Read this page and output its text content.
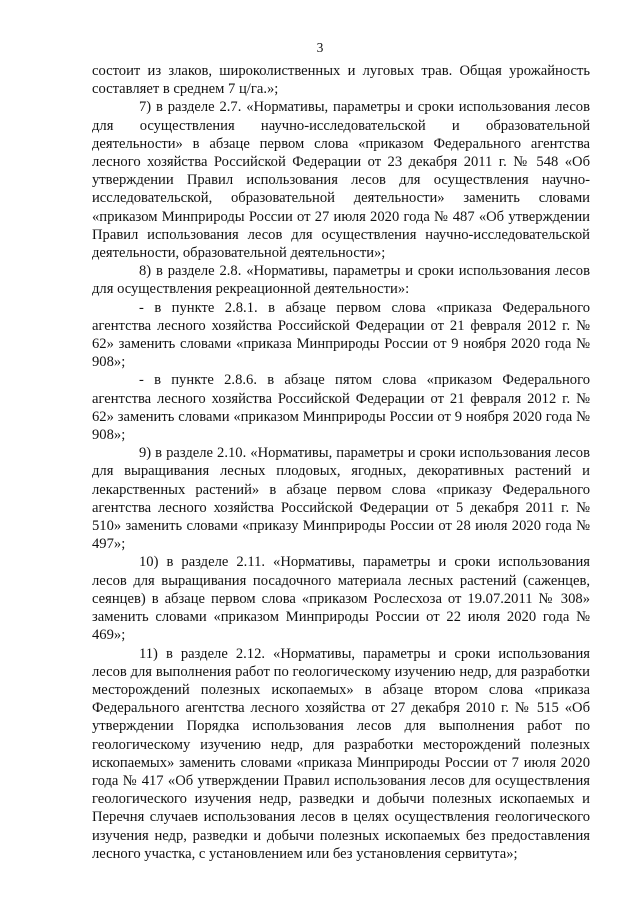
3

состоит из злаков, широколиственных и луговых трав. Общая урожайность составляет в среднем 7 ц/га.»;

7) в разделе 2.7. «Нормативы, параметры и сроки использования лесов для осуществления научно-исследовательской и образовательной деятельности» в абзаце первом слова «приказом Федерального агентства лесного хозяйства Российской Федерации от 23 декабря 2011 г. № 548 «Об утверждении Правил использования лесов для осуществления научно-исследовательской, образовательной деятельности» заменить словами «приказом Минприроды России от 27 июля 2020 года № 487 «Об утверждении Правил использования лесов для осуществления научно-исследовательской деятельности, образовательной деятельности»;

8) в разделе 2.8. «Нормативы, параметры и сроки использования лесов для осуществления рекреационной деятельности»:

- в пункте 2.8.1. в абзаце первом слова «приказа Федерального агентства лесного хозяйства Российской Федерации от 21 февраля 2012 г. № 62» заменить словами «приказа Минприроды России от 9 ноября 2020 года № 908»;

- в пункте 2.8.6. в абзаце пятом слова «приказом Федерального агентства лесного хозяйства Российской Федерации от 21 февраля 2012 г. № 62» заменить словами «приказом Минприроды России от 9 ноября 2020 года № 908»;

9) в разделе 2.10. «Нормативы, параметры и сроки использования лесов для выращивания лесных плодовых, ягодных, декоративных растений и лекарственных растений» в абзаце первом слова «приказу Федерального агентства лесного хозяйства Российской Федерации от 5 декабря 2011 г. № 510» заменить словами «приказу Минприроды России от 28 июля 2020 года № 497»;

10) в разделе 2.11. «Нормативы, параметры и сроки использования лесов для выращивания посадочного материала лесных растений (саженцев, сеянцев) в абзаце первом слова «приказом Рослесхоза от 19.07.2011 № 308» заменить словами «приказом Минприроды России от 22 июля 2020 года № 469»;

11) в разделе 2.12. «Нормативы, параметры и сроки использования лесов для выполнения работ по геологическому изучению недр, для разработки месторождений полезных ископаемых» в абзаце втором слова «приказа Федерального агентства лесного хозяйства от 27 декабря 2010 г. № 515 «Об утверждении Порядка использования лесов для выполнения работ по геологическому изучению недр, для разработки месторождений полезных ископаемых» заменить словами «приказа Минприроды России от 7 июля 2020 года № 417 «Об утверждении Правил использования лесов для осуществления геологического изучения недр, разведки и добычи полезных ископаемых и Перечня случаев использования лесов в целях осуществления геологического изучения недр, разведки и добычи полезных ископаемых без предоставления лесного участка, с установлением или без установления сервитута»;
